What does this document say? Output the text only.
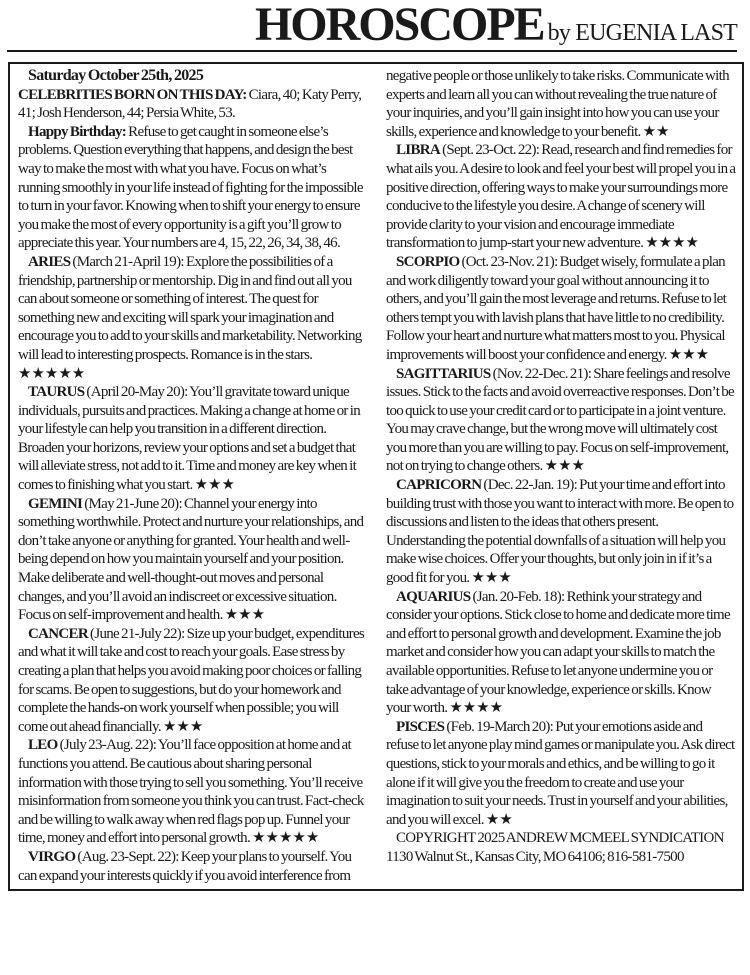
HOROSCOPE by EUGENIA LAST

Saturday October 25th, 2025

CELEBRITIES BORN ON THIS DAY: Ciara, 40; Katy Perry, 41; Josh Henderson, 44; Persia White, 53.

Happy Birthday: Refuse to get caught in someone else’s problems. Question everything that happens, and design the best way to make the most with what you have. Focus on what’s running smoothly in your life instead of fighting for the impossible to turn in your favor. Knowing when to shift your energy to ensure you make the most of every opportunity is a gift you’ll grow to appreciate this year. Your numbers are 4, 15, 22, 26, 34, 38, 46.

ARIES (March 21-April 19): Explore the possibilities of a friendship, partnership or mentorship. Dig in and find out all you can about someone or something of interest. The quest for something new and exciting will spark your imagination and encourage you to add to your skills and marketability. Networking will lead to interesting prospects. Romance is in the stars. ★★★★★

TAURUS (April 20-May 20): You’ll gravitate toward unique individuals, pursuits and practices. Making a change at home or in your lifestyle can help you transition in a different direction. Broaden your horizons, review your options and set a budget that will alleviate stress, not add to it. Time and money are key when it comes to finishing what you start. ★★★

GEMINI (May 21-June 20): Channel your energy into something worthwhile. Protect and nurture your relationships, and don’t take anyone or anything for granted. Your health and well-being depend on how you maintain yourself and your position. Make deliberate and well-thought-out moves and personal changes, and you’ll avoid an indiscreet or excessive situation. Focus on self-improvement and health. ★★★

CANCER (June 21-July 22): Size up your budget, expenditures and what it will take and cost to reach your goals. Ease stress by creating a plan that helps you avoid making poor choices or falling for scams. Be open to suggestions, but do your homework and complete the hands-on work yourself when possible; you will come out ahead financially. ★★★

LEO (July 23-Aug. 22): You’ll face opposition at home and at functions you attend. Be cautious about sharing personal information with those trying to sell you something. You’ll receive misinformation from someone you think you can trust. Fact-check and be willing to walk away when red flags pop up. Funnel your time, money and effort into personal growth. ★★★★★

VIRGO (Aug. 23-Sept. 22): Keep your plans to yourself. You can expand your interests quickly if you avoid interference from negative people or those unlikely to take risks. Communicate with experts and learn all you can without revealing the true nature of your inquiries, and you’ll gain insight into how you can use your skills, experience and knowledge to your benefit. ★★

LIBRA (Sept. 23-Oct. 22): Read, research and find remedies for what ails you. A desire to look and feel your best will propel you in a positive direction, offering ways to make your surroundings more conducive to the lifestyle you desire. A change of scenery will provide clarity to your vision and encourage immediate transformation to jump-start your new adventure. ★★★★

SCORPIO (Oct. 23-Nov. 21): Budget wisely, formulate a plan and work diligently toward your goal without announcing it to others, and you’ll gain the most leverage and returns. Refuse to let others tempt you with lavish plans that have little to no credibility. Follow your heart and nurture what matters most to you. Physical improvements will boost your confidence and energy. ★★★

SAGITTARIUS (Nov. 22-Dec. 21): Share feelings and resolve issues. Stick to the facts and avoid overreactive responses. Don’t be too quick to use your credit card or to participate in a joint venture. You may crave change, but the wrong move will ultimately cost you more than you are willing to pay. Focus on self-improvement, not on trying to change others. ★★★

CAPRICORN (Dec. 22-Jan. 19): Put your time and effort into building trust with those you want to interact with more. Be open to discussions and listen to the ideas that others present. Understanding the potential downfalls of a situation will help you make wise choices. Offer your thoughts, but only join in if it’s a good fit for you. ★★★

AQUARIUS (Jan. 20-Feb. 18): Rethink your strategy and consider your options. Stick close to home and dedicate more time and effort to personal growth and development. Examine the job market and consider how you can adapt your skills to match the available opportunities. Refuse to let anyone undermine you or take advantage of your knowledge, experience or skills. Know your worth. ★★★★

PISCES (Feb. 19-March 20): Put your emotions aside and refuse to let anyone play mind games or manipulate you. Ask direct questions, stick to your morals and ethics, and be willing to go it alone if it will give you the freedom to create and use your imagination to suit your needs. Trust in yourself and your abilities, and you will excel. ★★

COPYRIGHT 2025 ANDREW MCMEEL SYNDICATION 1130 Walnut St., Kansas City, MO 64106; 816-581-7500
